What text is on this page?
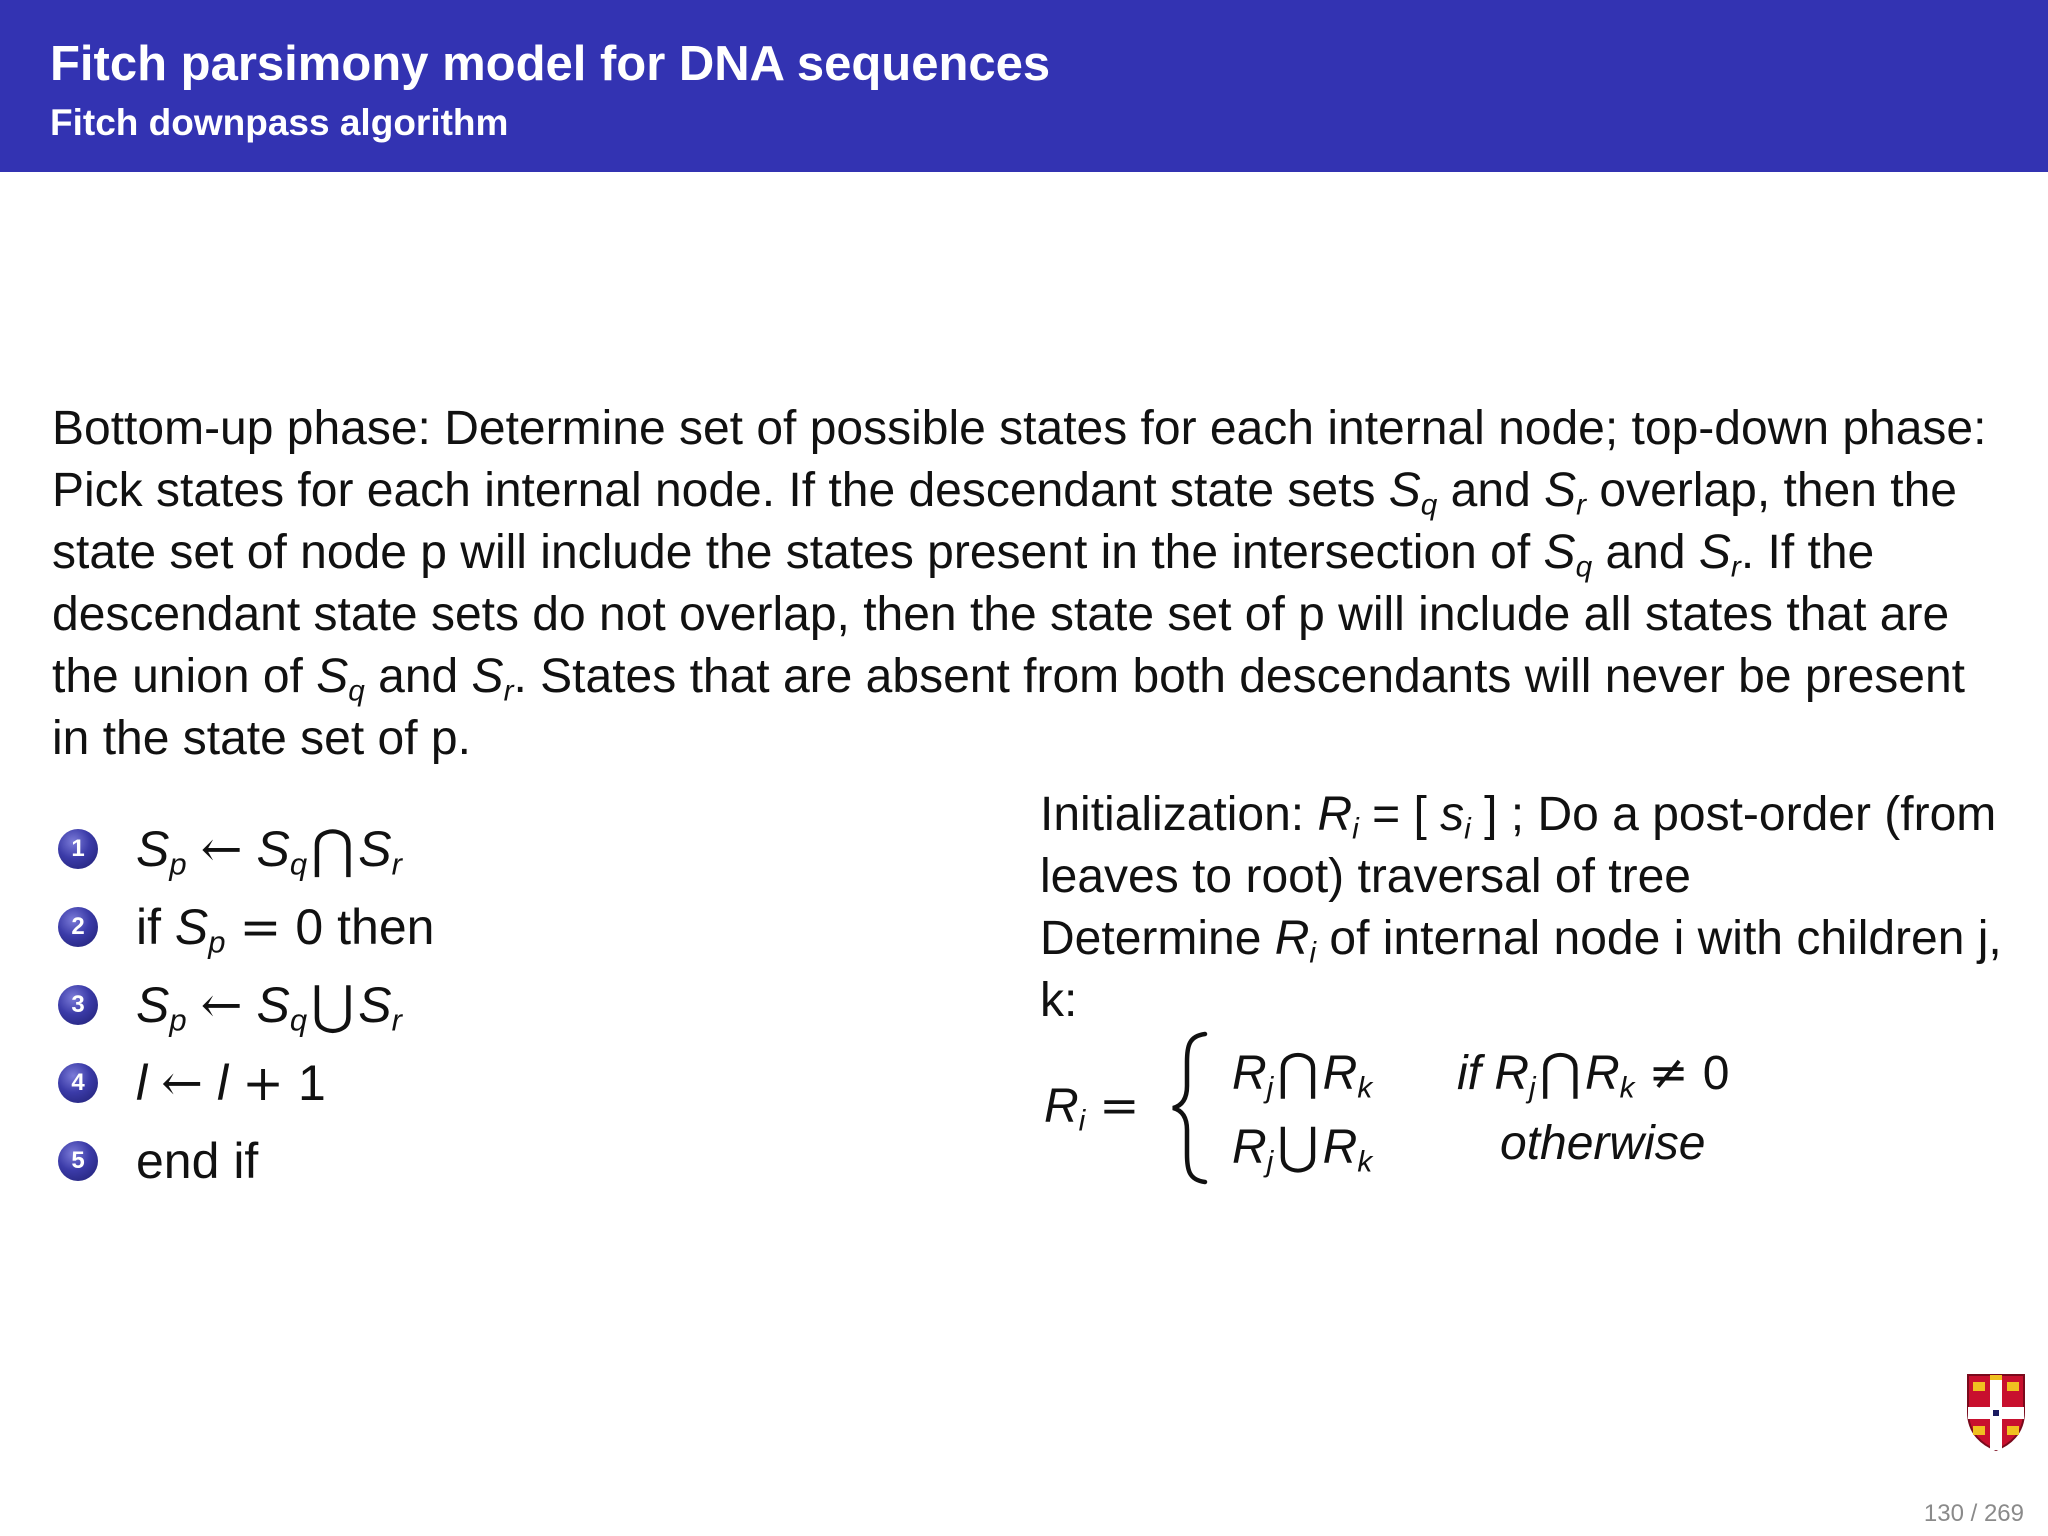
Fitch parsimony model for DNA sequences
Fitch downpass algorithm

Bottom-up phase: Determine set of possible states for each internal node; top-down phase: Pick states for each internal node. If the descendant state sets $S_q$ and $S_r$ overlap, then the state set of node p will include the states present in the intersection of $S_q$ and $S_r$. If the descendant state sets do not overlap, then the state set of p will include all states that are the union of $S_q$ and $S_r$. States that are absent from both descendants will never be present in the state set of p.

1 $S_p$ ← $S_q$ ⋂ $S_r$
2 if
$S_p = 0$
then
3 $S_p$ ← $S_q$ ⋃ $S_r$
4 l ← l + 1
5 end if

Initialization: $R_i$ = [ $s_i$ ] ; Do a post-order (from leaves to root) traversal of tree
Determine $R_i$ of internal node i with children j, k:

$R_i$ =
$R_j⋂R_k$ if $R_j⋂R_k \ne 0$
$R_j⋃R_k$	otherwise
130 / 269
